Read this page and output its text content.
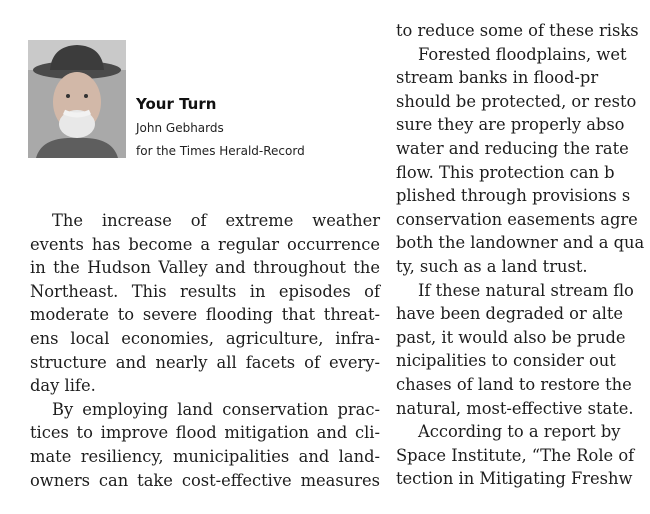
Your Turn
John Gebhards
for the Times Herald-Record
The increase of extreme weather
events has become a regular occurrence
in the Hudson Valley and throughout the
Northeast. This results in episodes of
moderate to severe flooding that threat-
ens local economies, agriculture, infra-
structure and nearly all facets of every-
day life.
By employing land conservation prac-
tices to improve flood mitigation and cli-
mate resiliency, municipalities and land-
owners can take cost-effective measures
to reduce some of these risks
Forested floodplains, wet
stream banks in flood-pr
should be protected, or resto
sure they are properly abso
water and reducing the rate
flow. This protection can b
plished through provisions s
conservation easements agre
both the landowner and a qua
ty, such as a land trust.
If these natural stream flo
have been degraded or alte
past, it would also be prude
nicipalities to consider out
chases of land to restore the
natural, most-effective state.
According to a report by
Space Institute, “The Role of
tection in Mitigating Freshw
